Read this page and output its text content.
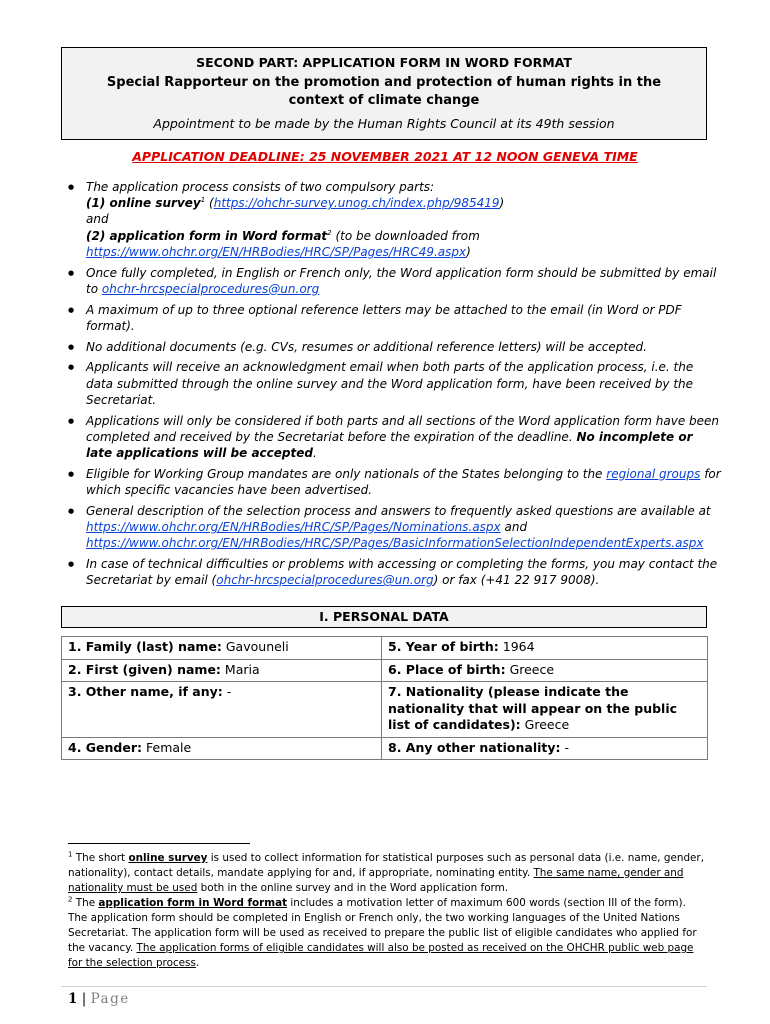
SECOND PART: APPLICATION FORM IN WORD FORMAT
Special Rapporteur on the promotion and protection of human rights in the context of climate change
Appointment to be made by the Human Rights Council at its 49th session
APPLICATION DEADLINE: 25 NOVEMBER 2021 AT 12 NOON GENEVA TIME
● The application process consists of two compulsory parts:
(1) online survey$^1$ (https://ohchr-survey.unog.ch/index.php/985419)
and
(2) application form in Word format$^2$ (to be downloaded from
https://www.ohchr.org/EN/HRBodies/HRC/SP/Pages/HRC49.aspx)
● Once fully completed, in English or French only, the Word application form should be submitted by email to ohchr-hrcspecialprocedures@un.org
● A maximum of up to three optional reference letters may be attached to the email (in Word or PDF format).
● No additional documents (e.g. CVs, resumes or additional reference letters) will be accepted.
● Applicants will receive an acknowledgment email when both parts of the application process, i.e. the data submitted through the online survey and the Word application form, have been received by the Secretariat.
● Applications will only be considered if both parts and all sections of the Word application form have been completed and received by the Secretariat before the expiration of the deadline. No incomplete or late applications will be accepted.
● Eligible for Working Group mandates are only nationals of the States belonging to the regional groups for which specific vacancies have been advertised.
● General description of the selection process and answers to frequently asked questions are available at https://www.ohchr.org/EN/HRBodies/HRC/SP/Pages/Nominations.aspx and
https://www.ohchr.org/EN/HRBodies/HRC/SP/Pages/BasicInformationSelectionIndependentExperts.aspx
● In case of technical difficulties or problems with accessing or completing the forms, you may contact the Secretariat by email (ohchr-hrcspecialprocedures@un.org) or fax (+41 22 917 9008).
I. PERSONAL DATA
1. Family (last) name: Gavouneli	5. Year of birth: 1964
2. First (given) name: Maria	6. Place of birth: Greece
3. Other name, if any: -	7. Nationality (please indicate the nationality that will appear on the public list of candidates): Greece
4. Gender: Female	8. Any other nationality: -

$^1$ The short online survey is used to collect information for statistical purposes such as personal data (i.e. name, gender, nationality), contact details, mandate applying for and, if appropriate, nominating entity. The same name, gender and nationality must be used both in the online survey and in the Word application form.

$^2$ The application form in Word format includes a motivation letter of maximum 600 words (section III of the form). The application form should be completed in English or French only, the two working languages of the United Nations Secretariat. The application form will be used as received to prepare the public list of eligible candidates who applied for the vacancy. The application forms of eligible candidates will also be posted as received on the OHCHR public web page for the selection process.

1 | Page
